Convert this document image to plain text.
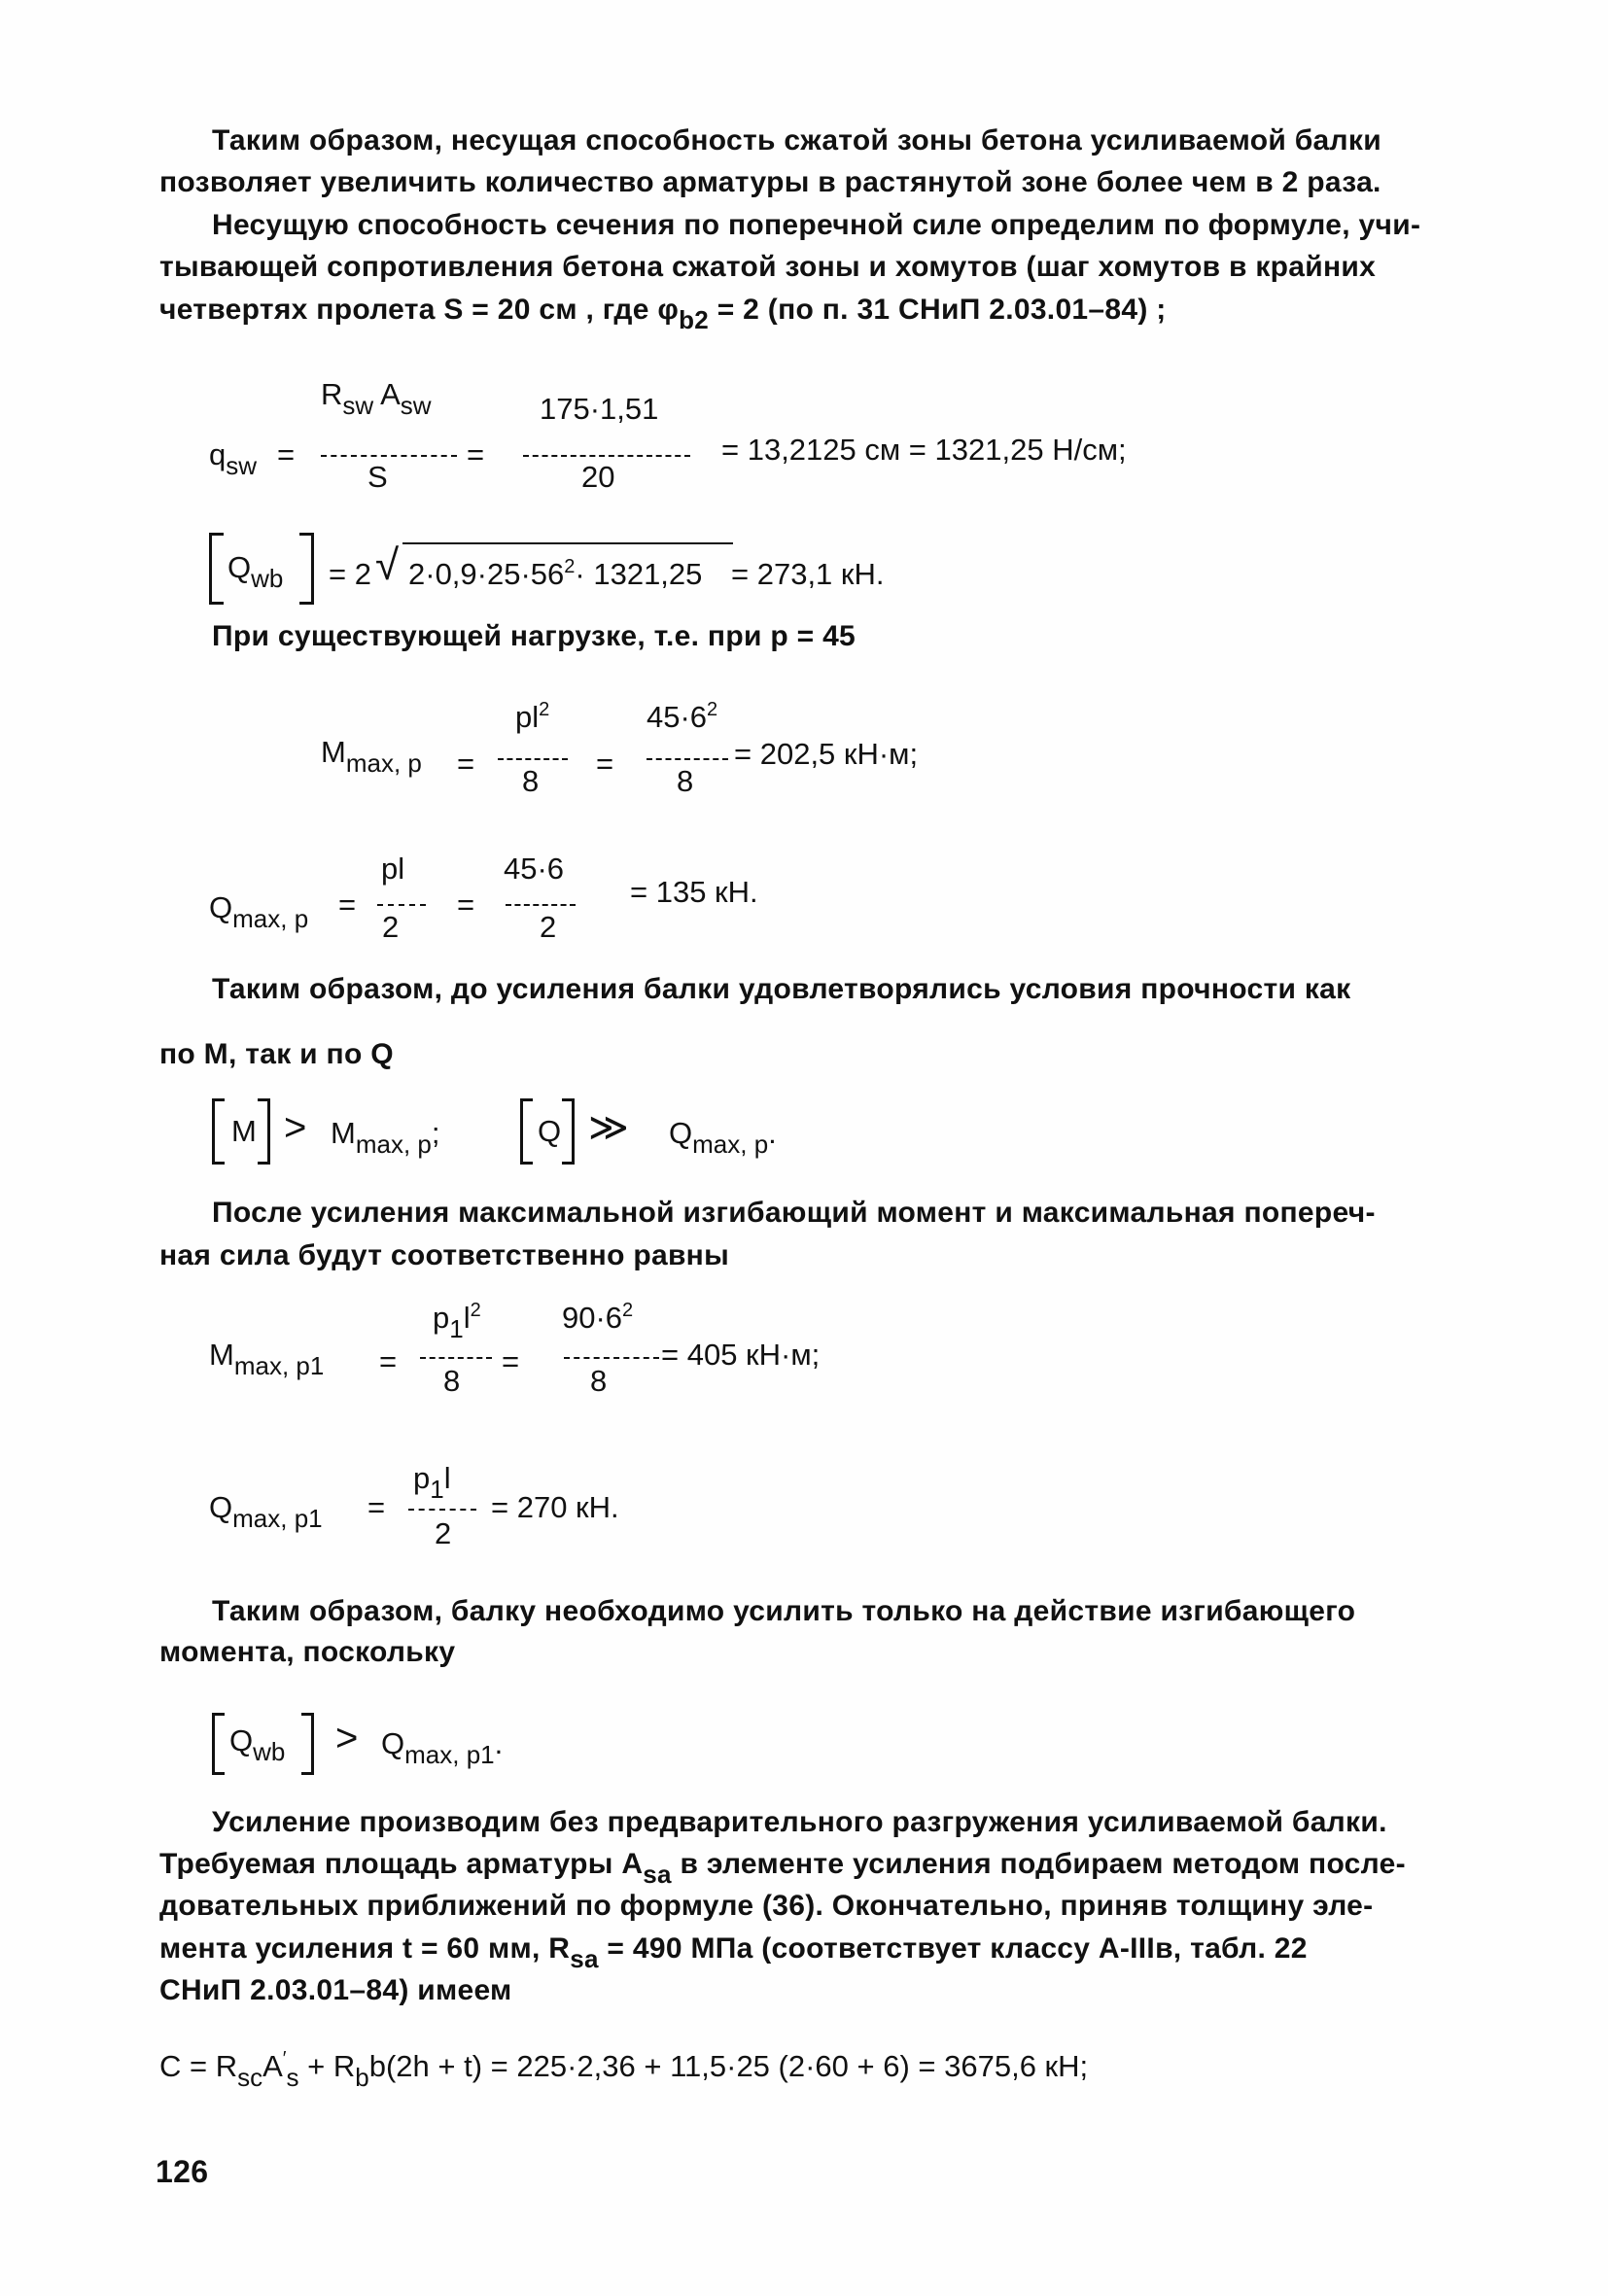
Таким образом, несущая способность сжатой зоны бетона усиливаемой балки
позволяет увеличить количество арматуры в растянутой зоне более чем в 2 раза.
Несущую способность сечения по поперечной силе определим по формуле, учи-
тывающей сопротивления бетона сжатой зоны и хомутов (шаг хомутов в крайних
четвертях пролета S = 20 см , где φb2 = 2 (по п. 31 СНиП 2.03.01–84) ;
$q_{sw}$ =
$R_{sw}$ $A_{sw}$
S
=
175·1,51
20
= 13,2125 см = 1321,25 Н/см;
$Q_{wb} = 2$ √ $2\cdot 0,9\cdot 25\cdot 56^2\cdot 1321,25 = 273,1$ кН.
При существующей нагрузке, т.е. при p = 45
$M_{max, p}$ =
$pl^2$
8
=
$45\cdot 6^2$
8
= 202,5 кН·м;
$Q_{max, p}$ =
pl
2
=
45·6
2
= 135 кН.
Таким образом, до усиления балки удовлетворялись условия прочности как
по M, так и по Q
$M > M_{max, p}$;	Q ≫ $Q_{max, p}$.
После усиления максимальной изгибающий момент и максимальная попереч-
ная сила будут соответственно равны
$M_{max, p1}$ =
$p_1l^2$
8
=
$90\cdot 6^2$
8
= 405 кН·м;
$Q_{max, p1}$ =
$p_1l$
2
= 270 кН.
Таким образом, балку необходимо усилить только на действие изгибающего
момента, поскольку
$Q_{wb} > Q_{max, p1}$.
Усиление производим без предварительного разгружения усиливаемой балки.
Требуемая площадь арматуры Asa в элементе усиления подбираем методом после-
довательных приближений по формуле (36). Окончательно, приняв толщину эле-
мента усиления t = 60 мм, Rsa = 490 МПа (соответствует классу A-IIIв, табл. 22
СНиП 2.03.01–84) имеем
$C = R_{sc}A'_s + R_bb(2h + t) = 225\cdot 2,36 + 11,5\cdot 25$ (2·60 + 6) = 3675,6 кН;
126
